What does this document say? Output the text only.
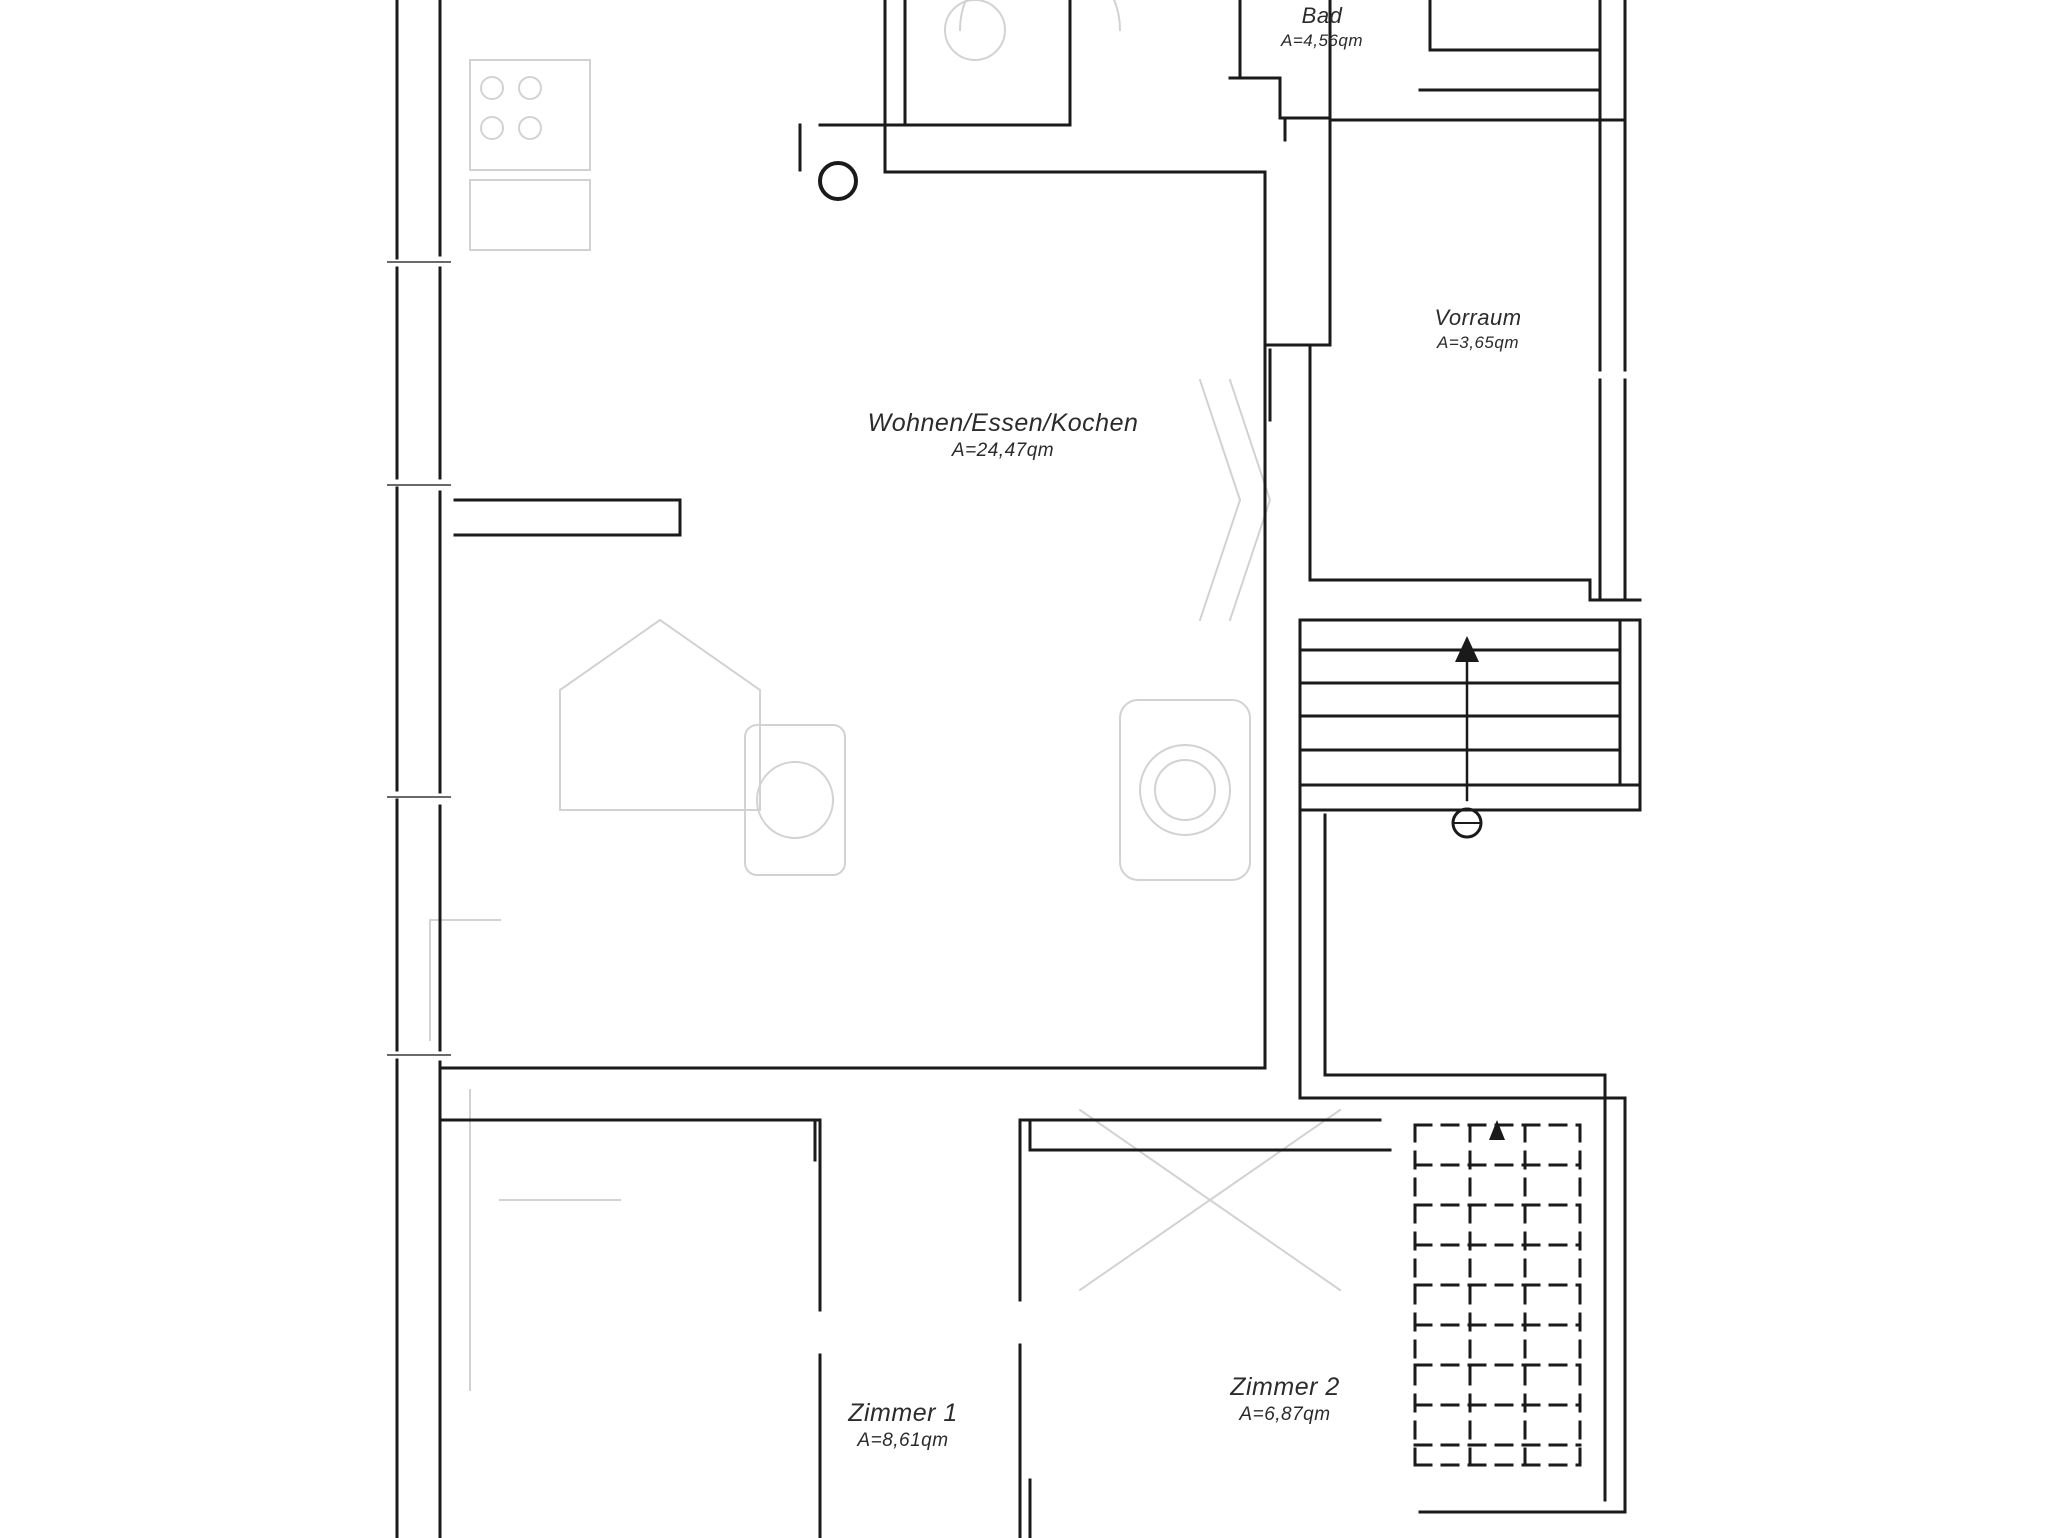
Wohnen/Essen/Kochen
A=24,47qm
Bad
A=4,56qm
Vorraum
A=3,65qm
Zimmer 1
A=8,61qm
Zimmer 2
A=6,87qm
